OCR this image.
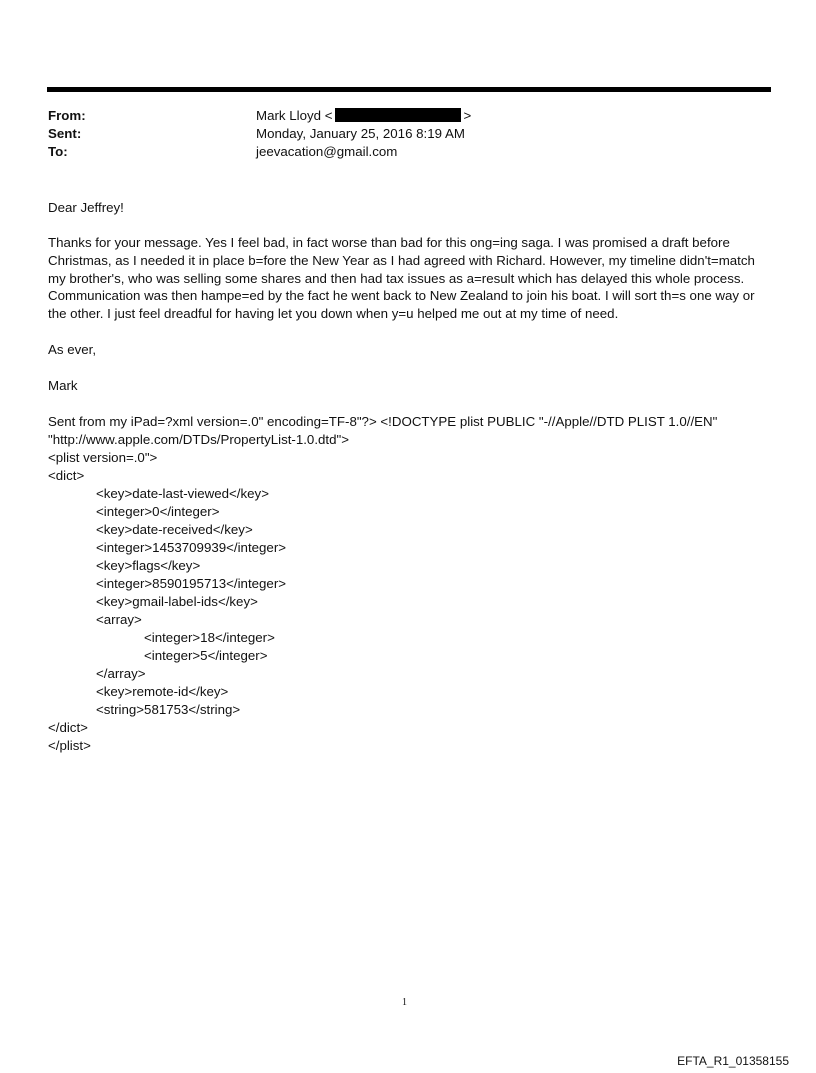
From:	Mark Lloyd <	>
Sent:	Monday, January 25, 2016 8:19 AM
To:	jeevacation@gmail.com
Dear Jeffrey!
Thanks for your message. Yes I feel bad, in fact worse than bad for this ong=ing saga. I was promised a draft before
Christmas, as I needed it in place b=fore the New Year as I had agreed with Richard. However, my timeline didn't=match
my brother's, who was selling some shares and then had tax issues as a=result which has delayed this whole process.
Communication was then hampe=ed by the fact he went back to New Zealand to join his boat. I will sort th=s one way or
the other. I just feel dreadful for having let you down when y=u helped me out at my time of need.
As ever,
Mark
Sent from my iPad=?xml version=.0" encoding=TF-8"?> <!DOCTYPE plist PUBLIC "-//Apple//DTD PLIST 1.0//EN"
"http://www.apple.com/DTDs/PropertyList-1.0.dtd">
<plist version=.0">
<dict>
<key>date-last-viewed</key>
<integer>0</integer>
<key>date-received</key>
<integer>1453709939</integer>
<key>flags</key>
<integer>8590195713</integer>
<key>gmail-label-ids</key>
<array>
<integer>18</integer>
<integer>5</integer>
</array>
<key>remote-id</key>
<string>581753</string>
</dict>
</plist>
1
EFTA_R1_01358155
